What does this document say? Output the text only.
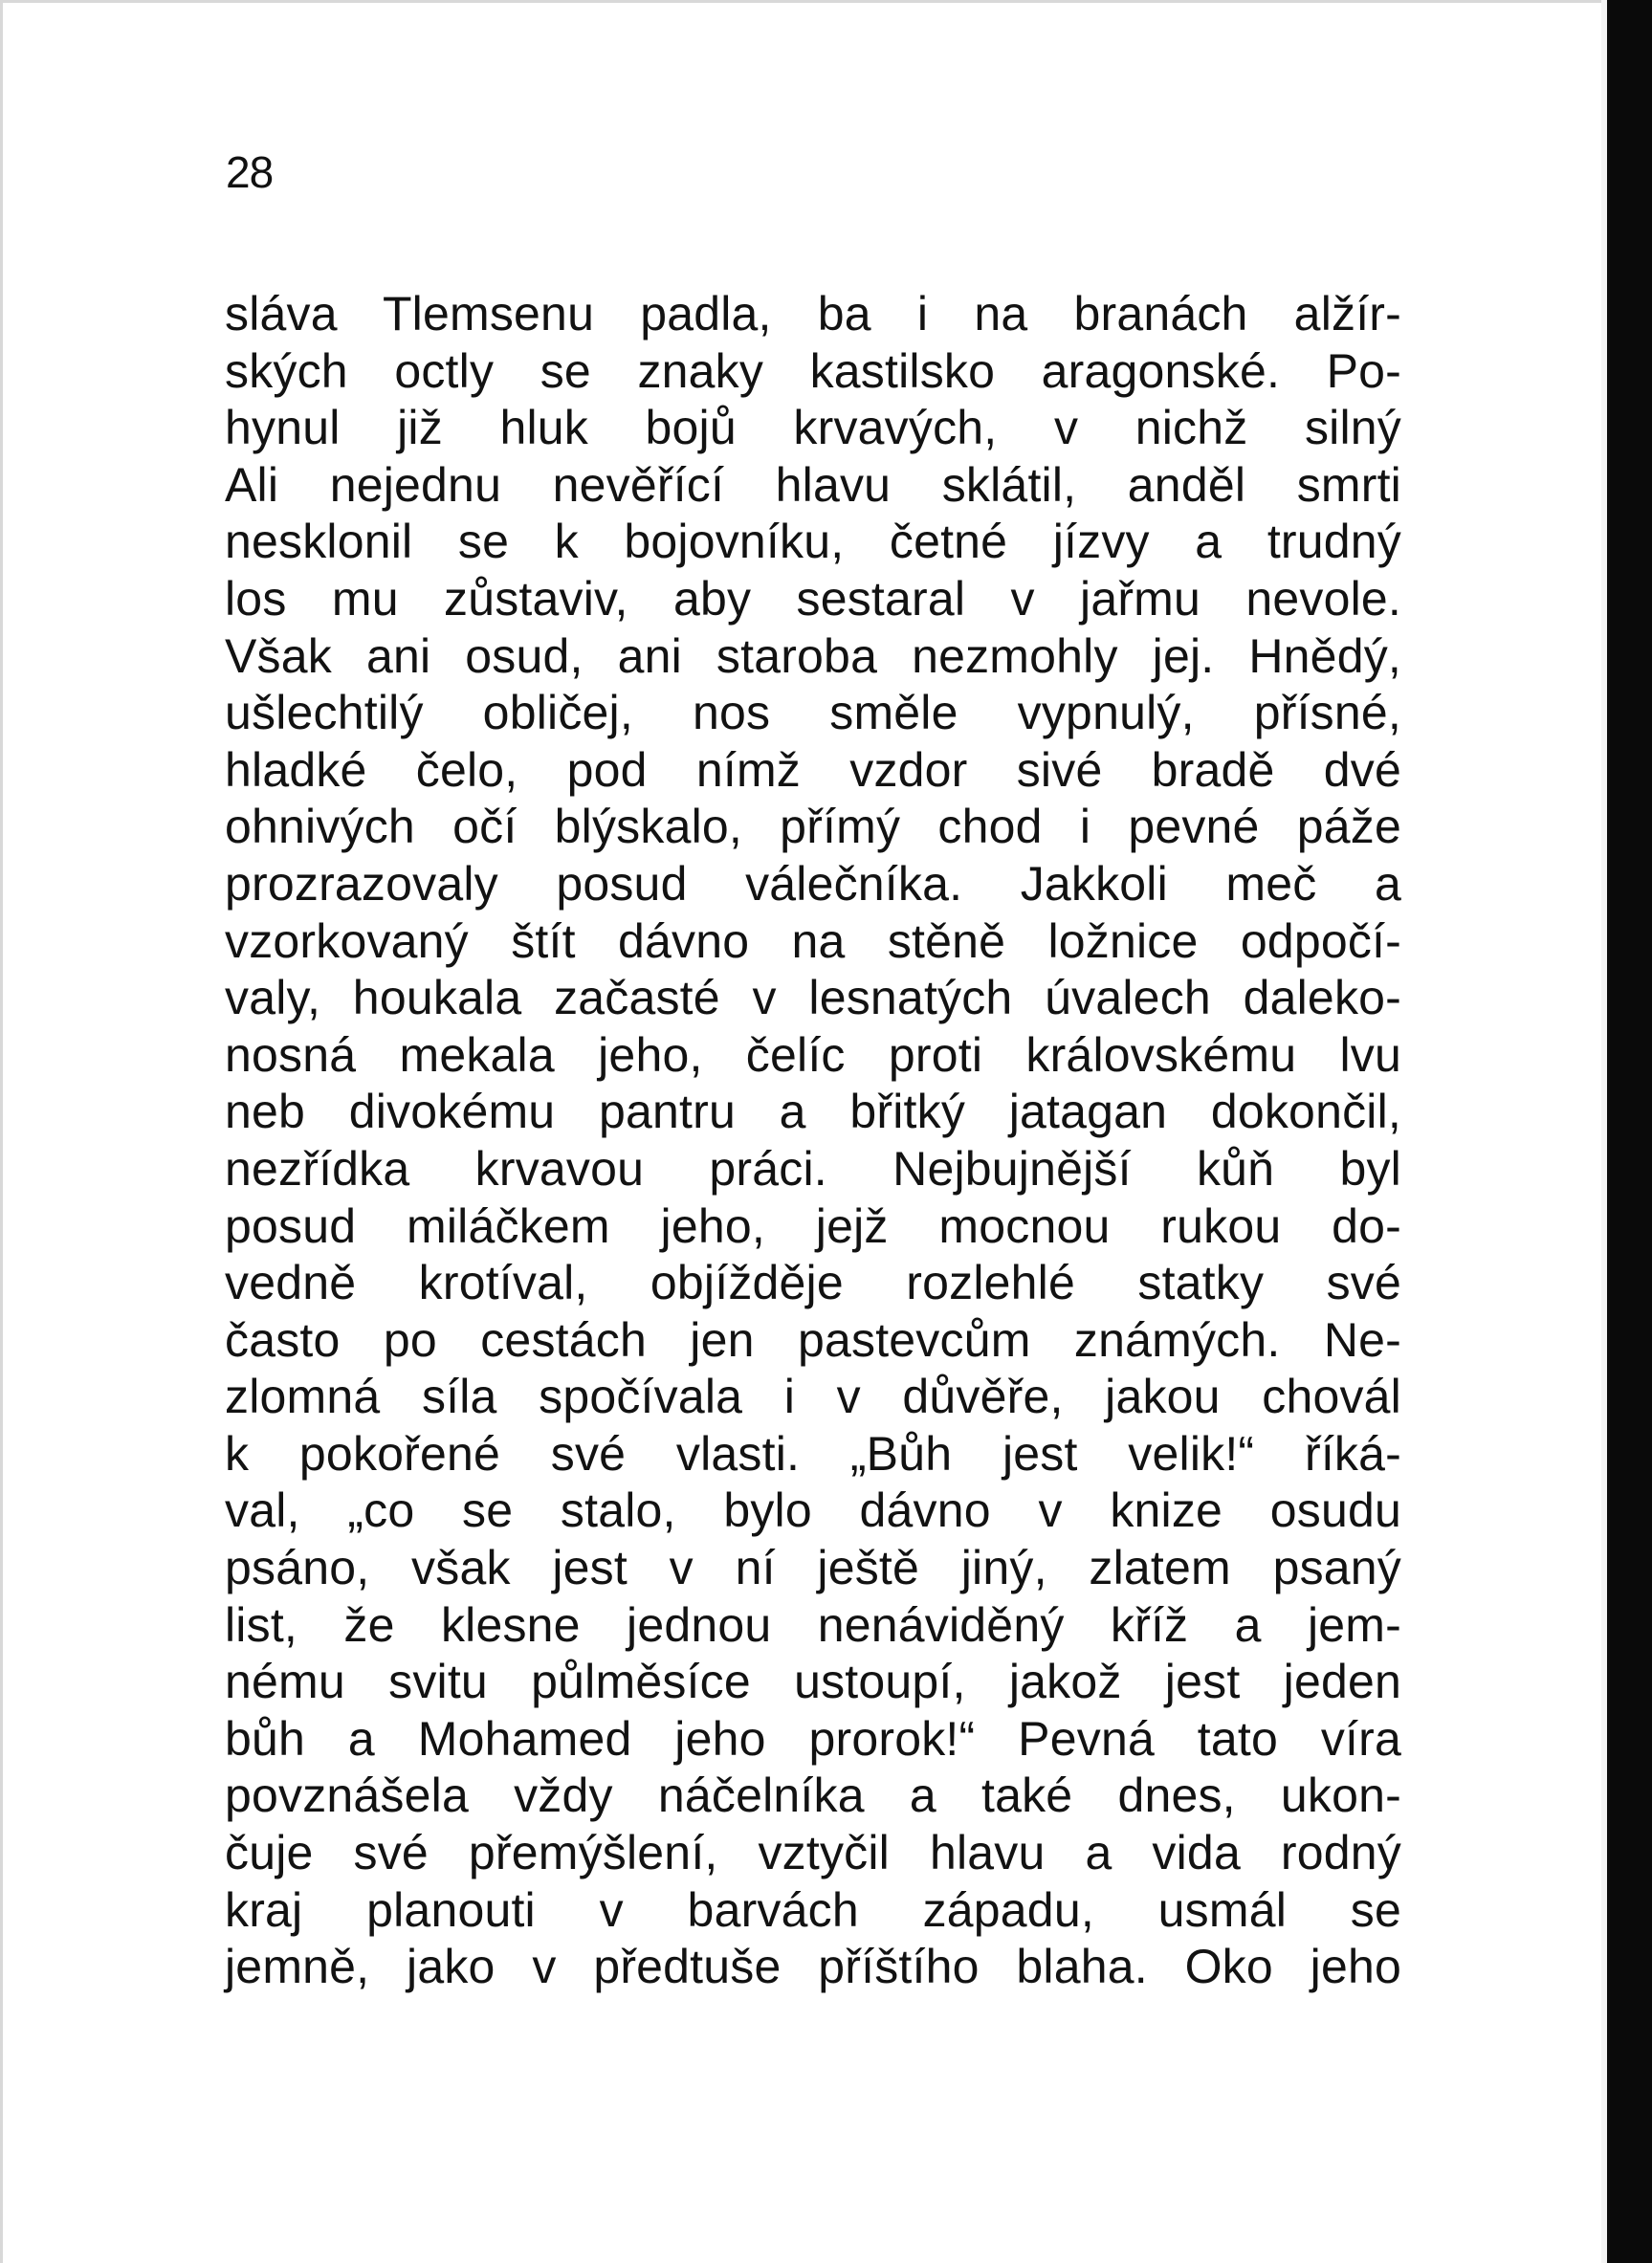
28
sláva Tlemsenu padla, ba i na branách alžír-
ských octly se znaky kastilsko aragonské. Po-
hynul již hluk bojů krvavých, v nichž silný
Ali nejednu nevěřící hlavu sklátil, anděl smrti
nesklonil se k bojovníku, četné jízvy a trudný
los mu zůstaviv, aby sestaral v jařmu nevole.
Však ani osud, ani staroba nezmohly jej. Hnědý,
ušlechtilý obličej, nos směle vypnulý, přísné,
hladké čelo, pod nímž vzdor sivé bradě dvé
ohnivých očí blýskalo, přímý chod i pevné páže
prozrazovaly posud válečníka. Jakkoli meč a
vzorkovaný štít dávno na stěně ložnice odpočí-
valy, houkala začasté v lesnatých úvalech daleko-
nosná mekala jeho, čelíc proti královskému lvu
neb divokému pantru a břitký jatagan dokončil,
nezřídka krvavou práci. Nejbujnější kůň byl
posud miláčkem jeho, jejž mocnou rukou do-
vedně krotíval, objížděje rozlehlé statky své
často po cestách jen pastevcům známých. Ne-
zlomná síla spočívala i v důvěře, jakou chovál
k pokořené své vlasti. „Bůh jest velik!“ říká-
val, „co se stalo, bylo dávno v knize osudu
psáno, však jest v ní ještě jiný, zlatem psaný
list, že klesne jednou nenáviděný kříž a jem-
nému svitu půlměsíce ustoupí, jakož jest jeden
bůh a Mohamed jeho prorok!“ Pevná tato víra
povznášela vždy náčelníka a také dnes, ukon-
čuje své přemýšlení, vztyčil hlavu a vida rodný
kraj planouti v barvách západu, usmál se
jemně, jako v předtuše příštího blaha. Oko jeho
